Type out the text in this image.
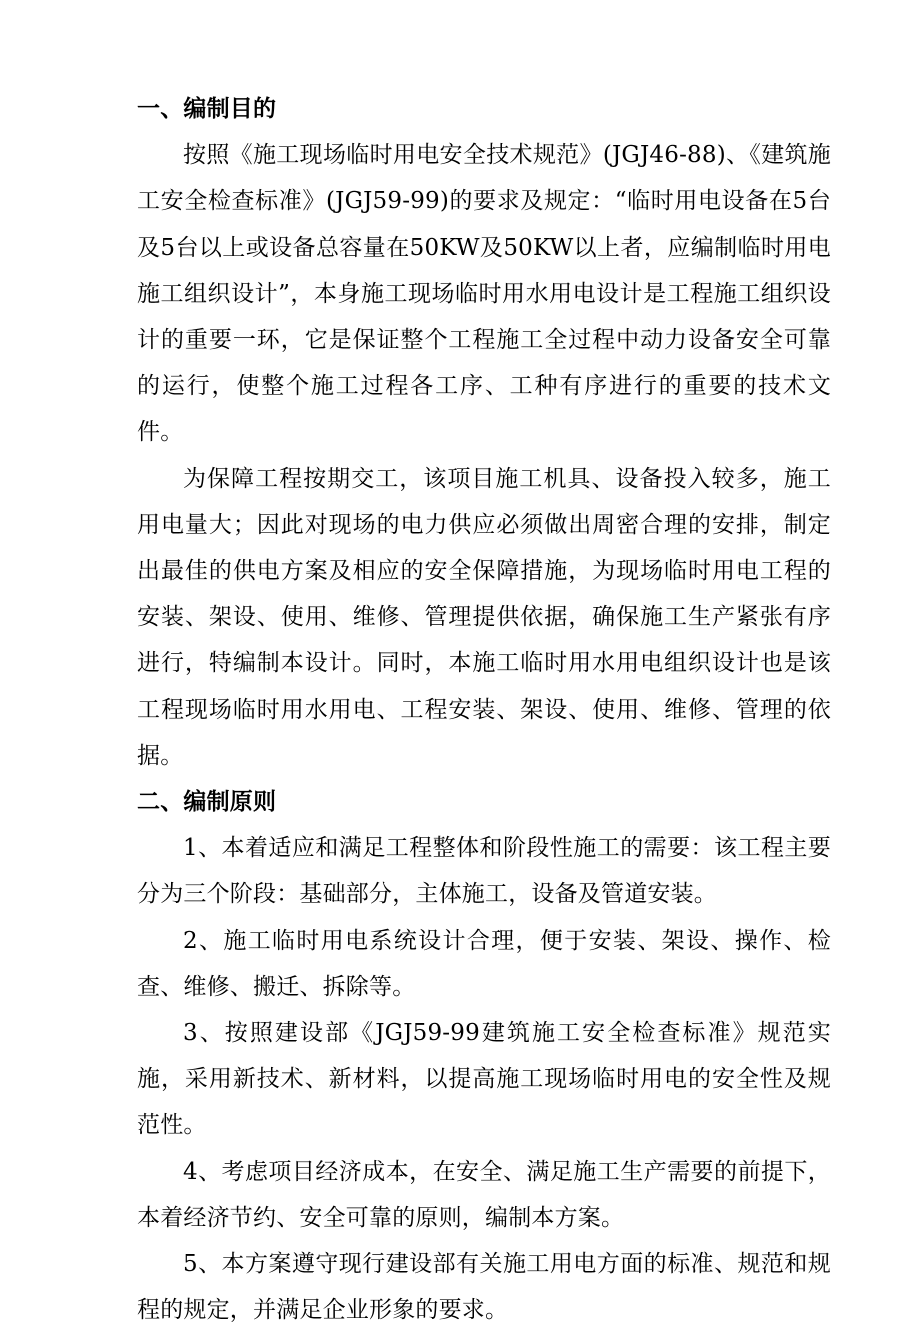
一、编制目的

按照《施工现场临时用电安全技术规范》(JGJ46-88)、《建筑施工安全检查标准》(JGJ59-99)的要求及规定：“临时用电设备在5台及5台以上或设备总容量在50KW及50KW以上者，应编制临时用电施工组织设计”，本身施工现场临时用水用电设计是工程施工组织设计的重要一环，它是保证整个工程施工全过程中动力设备安全可靠的运行，使整个施工过程各工序、工种有序进行的重要的技术文件。

为保障工程按期交工，该项目施工机具、设备投入较多，施工用电量大；因此对现场的电力供应必须做出周密合理的安排，制定出最佳的供电方案及相应的安全保障措施，为现场临时用电工程的安装、架设、使用、维修、管理提供依据，确保施工生产紧张有序进行，特编制本设计。同时，本施工临时用水用电组织设计也是该工程现场临时用水用电、工程安装、架设、使用、维修、管理的依据。

二、编制原则

1、本着适应和满足工程整体和阶段性施工的需要：该工程主要分为三个阶段：基础部分，主体施工，设备及管道安装。

2、施工临时用电系统设计合理，便于安装、架设、操作、检查、维修、搬迁、拆除等。

3、按照建设部《JGJ59-99建筑施工安全检查标准》规范实施，采用新技术、新材料，以提高施工现场临时用电的安全性及规范性。

4、考虑项目经济成本，在安全、满足施工生产需要的前提下，本着经济节约、安全可靠的原则，编制本方案。

5、本方案遵守现行建设部有关施工用电方面的标准、规范和规程的规定，并满足企业形象的要求。
